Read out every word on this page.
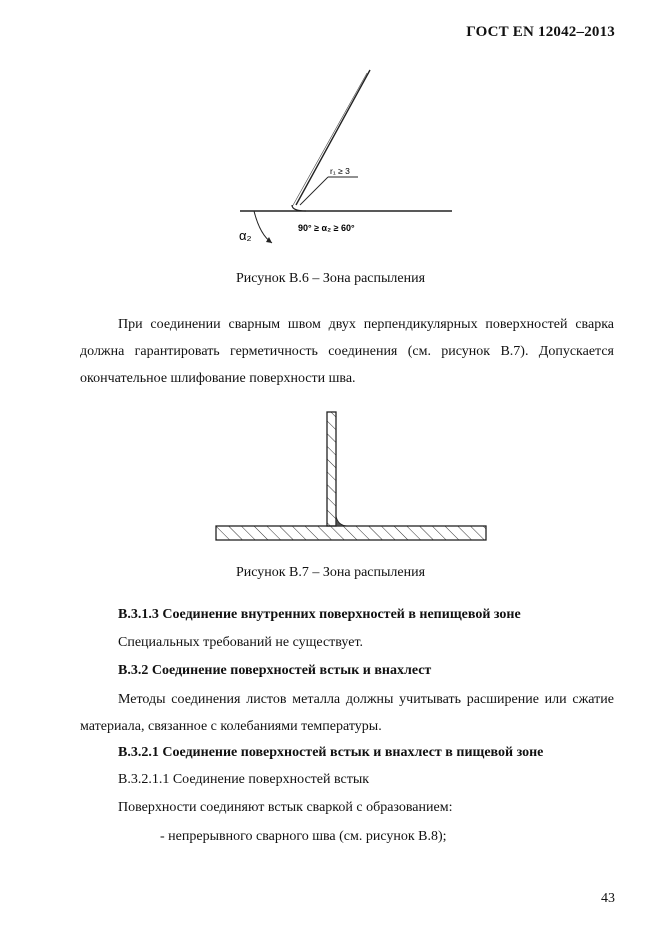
ГОСТ EN 12042–2013
r₁ ≥ 3
90° ≥ α₂ ≥ 60°
α₂
Рисунок В.6 – Зона распыления
При соединении сварным швом двух перпендикулярных поверхностей сварка должна гарантировать герметичность соединения (см. рисунок В.7). Допускается окончательное шлифование поверхности шва.
Рисунок В.7 – Зона распыления
В.3.1.3 Соединение внутренних поверхностей в непищевой зоне
Специальных требований не существует.
В.3.2 Соединение поверхностей встык и внахлест
Методы соединения листов металла должны учитывать расширение или сжатие материала, связанное с колебаниями температуры.
В.3.2.1 Соединение поверхностей встык и внахлест в пищевой зоне
В.3.2.1.1 Соединение поверхностей встык
Поверхности соединяют встык сваркой с образованием:
- непрерывного сварного шва (см. рисунок В.8);
43
